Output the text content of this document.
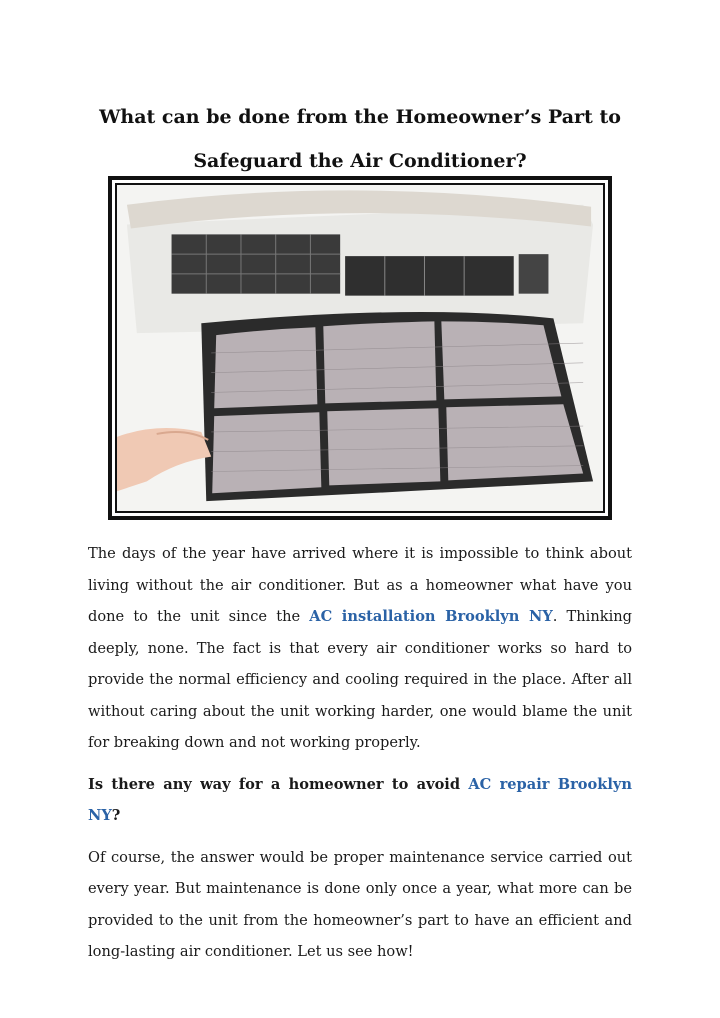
What can be done from the Homeowner’s Part to Safeguard the Air Conditioner?

The days of the year have arrived where it is impossible to think about living without the air conditioner. But as a homeowner what have you done to the unit since the AC installation Brooklyn NY. Thinking deeply, none. The fact is that every air conditioner works so hard to provide the normal efficiency and cooling required in the place. After all without caring about the unit working harder, one would blame the unit for breaking down and not working properly.

Is there any way for a homeowner to avoid AC repair Brooklyn NY?

Of course, the answer would be proper maintenance service carried out every year. But maintenance is done only once a year, what more can be provided to the unit from the homeowner’s part to have an efficient and long-lasting air conditioner. Let us see how!
